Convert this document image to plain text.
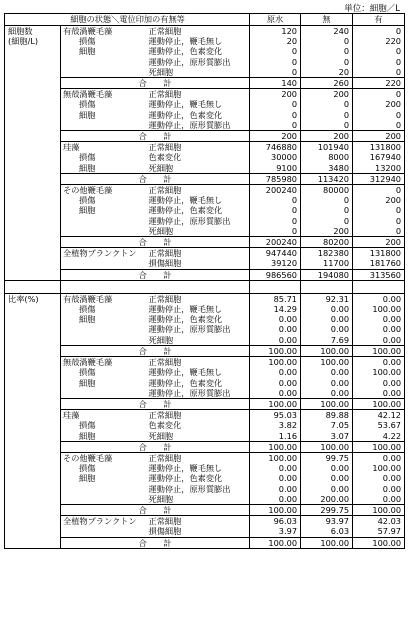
単位：細胞／L
細胞の状態＼電位印加の有無等			原水	無	有
細胞数	有殻渦鞭毛藻	正常細胞	120	240	0
(細胞/L)	損傷	運動停止，鞭毛無し	20	0	220
	細胞	運動停止，色素変化	0	0	0
		運動停止，原形質膨出	0	0	0
		死細胞	0	20	0
	合　　計		140	260	220
	無殻渦鞭毛藻	正常細胞	200	200	0
	損傷	運動停止，鞭毛無し	0	0	200
	細胞	運動停止，色素変化	0	0	0
		運動停止，原形質膨出	0	0	0
	合　　計		200	200	200
	珪藻	正常細胞	746880	101940	131800
	損傷	色素変化	30000	8000	167940
	細胞	死細胞	9100	3480	13200
	合　　計		785980	113420	312940
	その他鞭毛藻	正常細胞	200240	80000	0
	損傷	運動停止，鞭毛無し	0	0	200
	細胞	運動停止，色素変化	0	0	0
		運動停止，原形質膨出	0	0	0
		死細胞	0	200	0
	合　　計		200240	80200	200
	全植物プランクトン	正常細胞	947440	182380	131800
		損傷細胞	39120	11700	181760
	合　　計		986560	194080	313560

比率(%)	有殻渦鞭毛藻	正常細胞	85.71	92.31	0.00
	損傷	運動停止，鞭毛無し	14.29	0.00	100.00
	細胞	運動停止，色素変化	0.00	0.00	0.00
		運動停止，原形質膨出	0.00	0.00	0.00
		死細胞	0.00	7.69	0.00
	合　　計		100.00	100.00	100.00
	無殻渦鞭毛藻	正常細胞	100.00	100.00	0.00
	損傷	運動停止，鞭毛無し	0.00	0.00	100.00
	細胞	運動停止，色素変化	0.00	0.00	0.00
		運動停止，原形質膨出	0.00	0.00	0.00
	合　　計		100.00	100.00	100.00
	珪藻	正常細胞	95.03	89.88	42.12
	損傷	色素変化	3.82	7.05	53.67
	細胞	死細胞	1.16	3.07	4.22
	合　　計		100.00	100.00	100.00
	その他鞭毛藻	正常細胞	100.00	99.75	0.00
	損傷	運動停止，鞭毛無し	0.00	0.00	100.00
	細胞	運動停止，色素変化	0.00	0.00	0.00
		運動停止，原形質膨出	0.00	0.00	0.00
		死細胞	0.00	200.00	0.00
	合　　計		100.00	299.75	100.00
	全植物プランクトン	正常細胞	96.03	93.97	42.03
		損傷細胞	3.97	6.03	57.97
	合　　計		100.00	100.00	100.00
